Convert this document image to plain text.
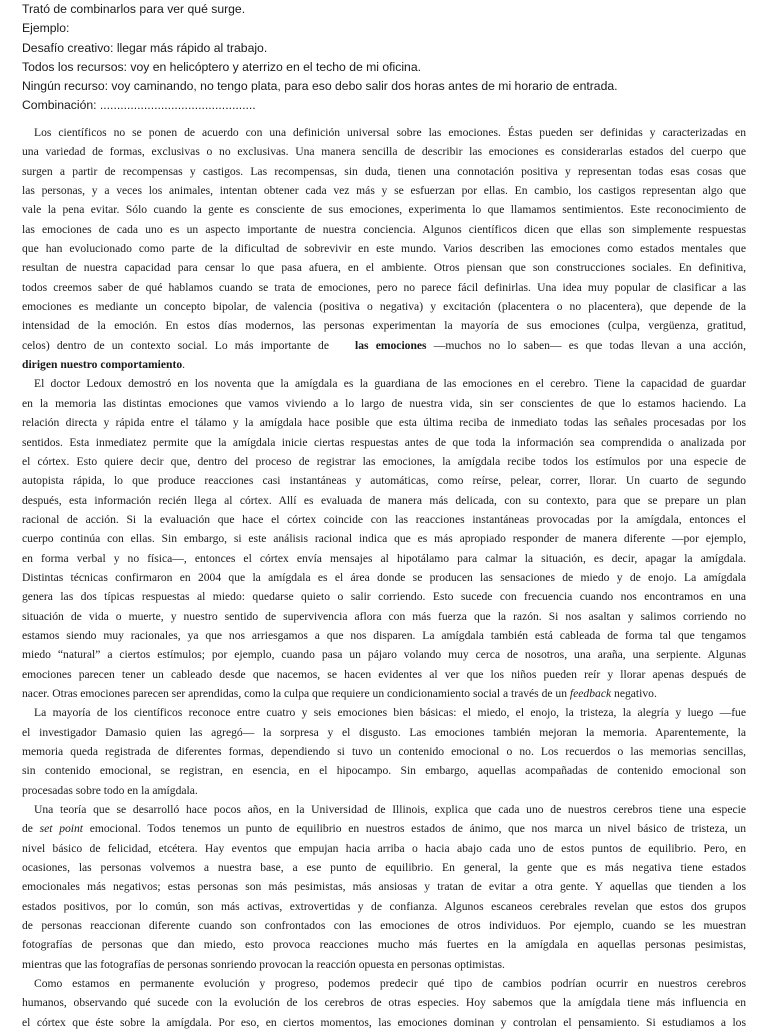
Trató de combinarlos para ver qué surge.
Ejemplo:
Desafío creativo: llegar más rápido al trabajo.
Todos los recursos: voy en helicóptero y aterrizo en el techo de mi oficina.
Ningún recurso: voy caminando, no tengo plata, para eso debo salir dos horas antes de mi horario de entrada.
Combinación: ..............................................
Los científicos no se ponen de acuerdo con una definición universal sobre las emociones. Éstas pueden ser definidas y caracterizadas en
una variedad de formas, exclusivas o no exclusivas. Una manera sencilla de describir las emociones es considerarlas estados del cuerpo que
surgen a partir de recompensas y castigos. Las recompensas, sin duda, tienen una connotación positiva y representan todas esas cosas que
las personas, y a veces los animales, intentan obtener cada vez más y se esfuerzan por ellas. En cambio, los castigos representan algo que
vale la pena evitar. Sólo cuando la gente es consciente de sus emociones, experimenta lo que llamamos sentimientos. Este reconocimiento de
las emociones de cada uno es un aspecto importante de nuestra conciencia. Algunos científicos dicen que ellas son simplemente respuestas
que han evolucionado como parte de la dificultad de sobrevivir en este mundo. Varios describen las emociones como estados mentales que
resultan de nuestra capacidad para censar lo que pasa afuera, en el ambiente. Otros piensan que son construcciones sociales. En definitiva,
todos creemos saber de qué hablamos cuando se trata de emociones, pero no parece fácil definirlas. Una idea muy popular de clasificar a las
emociones es mediante un concepto bipolar, de valencia (positiva o negativa) y excitación (placentera o no placentera), que depende de la
intensidad de la emoción. En estos días modernos, las personas experimentan la mayoría de sus emociones (culpa, vergüenza, gratitud,
celos) dentro de un contexto social. Lo más importante de las emociones —muchos no lo saben— es que todas llevan a una acción,
dirigen nuestro comportamiento.
El doctor Ledoux demostró en los noventa que la amígdala es la guardiana de las emociones en el cerebro. Tiene la capacidad de guardar
en la memoria las distintas emociones que vamos viviendo a lo largo de nuestra vida, sin ser conscientes de que lo estamos haciendo. La
relación directa y rápida entre el tálamo y la amígdala hace posible que esta última reciba de inmediato todas las señales procesadas por los
sentidos. Esta inmediatez permite que la amígdala inicie ciertas respuestas antes de que toda la información sea comprendida o analizada por
el córtex. Esto quiere decir que, dentro del proceso de registrar las emociones, la amígdala recibe todos los estímulos por una especie de
autopista rápida, lo que produce reacciones casi instantáneas y automáticas, como reírse, pelear, correr, llorar. Un cuarto de segundo
después, esta información recién llega al córtex. Allí es evaluada de manera más delicada, con su contexto, para que se prepare un plan
racional de acción. Si la evaluación que hace el córtex coincide con las reacciones instantáneas provocadas por la amígdala, entonces el
cuerpo continúa con ellas. Sin embargo, si este análisis racional indica que es más apropiado responder de manera diferente —por ejemplo,
en forma verbal y no física—, entonces el córtex envía mensajes al hipotálamo para calmar la situación, es decir, apagar la amígdala.
Distintas técnicas confirmaron en 2004 que la amígdala es el área donde se producen las sensaciones de miedo y de enojo. La amígdala
genera las dos típicas respuestas al miedo: quedarse quieto o salir corriendo. Esto sucede con frecuencia cuando nos encontramos en una
situación de vida o muerte, y nuestro sentido de supervivencia aflora con más fuerza que la razón. Si nos asaltan y salimos corriendo no
estamos siendo muy racionales, ya que nos arriesgamos a que nos disparen. La amígdala también está cableada de forma tal que tengamos
miedo “natural” a ciertos estímulos; por ejemplo, cuando pasa un pájaro volando muy cerca de nosotros, una araña, una serpiente. Algunas
emociones parecen tener un cableado desde que nacemos, se hacen evidentes al ver que los niños pueden reír y llorar apenas después de
nacer. Otras emociones parecen ser aprendidas, como la culpa que requiere un condicionamiento social a través de un feedback negativo.
La mayoría de los científicos reconoce entre cuatro y seis emociones bien básicas: el miedo, el enojo, la tristeza, la alegría y luego —fue
el investigador Damasio quien las agregó— la sorpresa y el disgusto. Las emociones también mejoran la memoria. Aparentemente, la
memoria queda registrada de diferentes formas, dependiendo si tuvo un contenido emocional o no. Los recuerdos o las memorias sencillas,
sin contenido emocional, se registran, en esencia, en el hipocampo. Sin embargo, aquellas acompañadas de contenido emocional son
procesadas sobre todo en la amígdala.
Una teoría que se desarrolló hace pocos años, en la Universidad de Illinois, explica que cada uno de nuestros cerebros tiene una especie
de set point emocional. Todos tenemos un punto de equilibrio en nuestros estados de ánimo, que nos marca un nivel básico de tristeza, un
nivel básico de felicidad, etcétera. Hay eventos que empujan hacia arriba o hacia abajo cada uno de estos puntos de equilibrio. Pero, en
ocasiones, las personas volvemos a nuestra base, a ese punto de equilibrio. En general, la gente que es más negativa tiene estados
emocionales más negativos; estas personas son más pesimistas, más ansiosas y tratan de evitar a otra gente. Y aquellas que tienden a los
estados positivos, por lo común, son más activas, extrovertidas y de confianza. Algunos escaneos cerebrales revelan que estos dos grupos
de personas reaccionan diferente cuando son confrontados con las emociones de otros individuos. Por ejemplo, cuando se les muestran
fotografías de personas que dan miedo, esto provoca reacciones mucho más fuertes en la amígdala en aquellas personas pesimistas,
mientras que las fotografías de personas sonriendo provocan la reacción opuesta en personas optimistas.
Como estamos en permanente evolución y progreso, podemos predecir qué tipo de cambios podrían ocurrir en nuestros cerebros
humanos, observando qué sucede con la evolución de los cerebros de otras especies. Hoy sabemos que la amígdala tiene más influencia en
el córtex que éste sobre la amígdala. Por eso, en ciertos momentos, las emociones dominan y controlan el pensamiento. Si estudiamos a los
